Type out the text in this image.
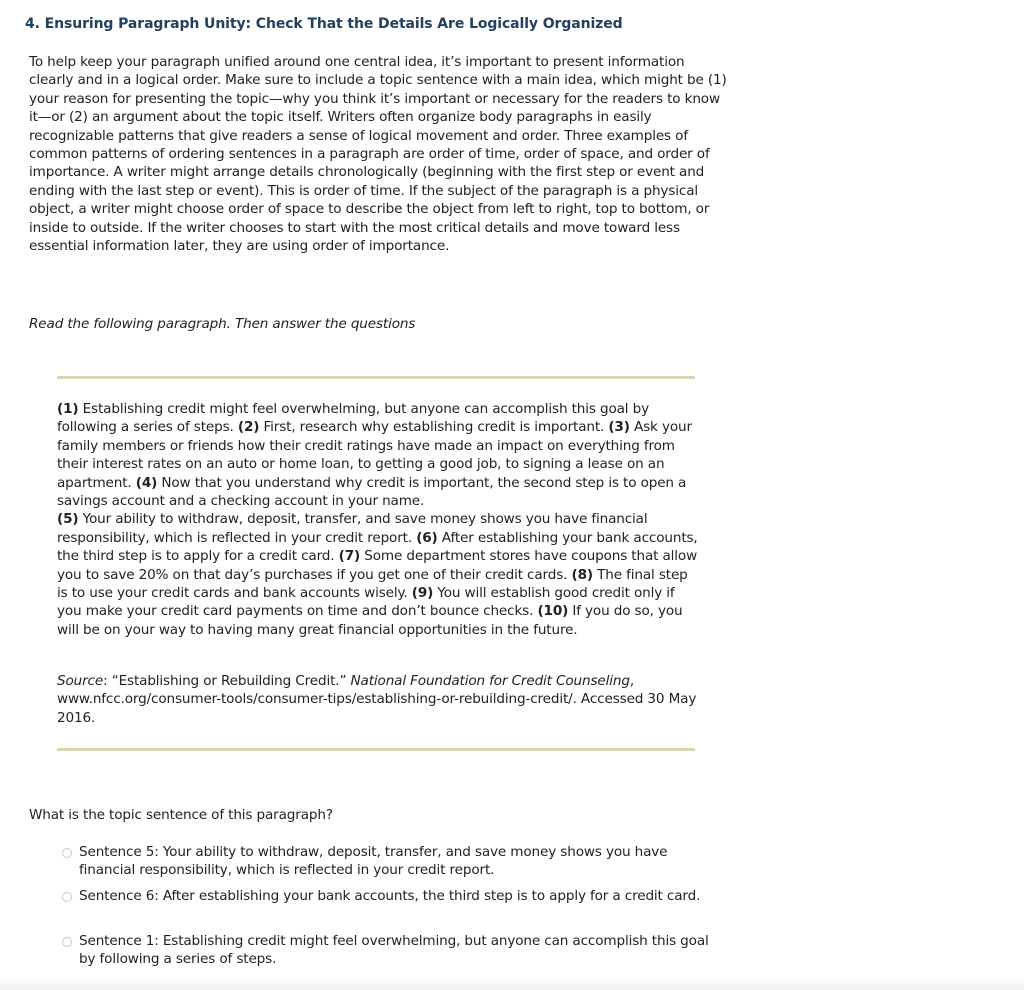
4. Ensuring Paragraph Unity: Check That the Details Are Logically Organized

To help keep your paragraph unified around one central idea, it’s important to present information clearly and in a logical order. Make sure to include a topic sentence with a main idea, which might be (1) your reason for presenting the topic—why you think it’s important or necessary for the readers to know it—or (2) an argument about the topic itself. Writers often organize body paragraphs in easily recognizable patterns that give readers a sense of logical movement and order. Three examples of common patterns of ordering sentences in a paragraph are order of time, order of space, and order of importance. A writer might arrange details chronologically (beginning with the first step or event and ending with the last step or event). This is order of time. If the subject of the paragraph is a physical object, a writer might choose order of space to describe the object from left to right, top to bottom, or inside to outside. If the writer chooses to start with the most critical details and move toward less essential information later, they are using order of importance.

Read the following paragraph. Then answer the questions

(1) Establishing credit might feel overwhelming, but anyone can accomplish this goal by following a series of steps. (2) First, research why establishing credit is important. (3) Ask your family members or friends how their credit ratings have made an impact on everything from their interest rates on an auto or home loan, to getting a good job, to signing a lease on an apartment. (4) Now that you understand why credit is important, the second step is to open a savings account and a checking account in your name.
(5) Your ability to withdraw, deposit, transfer, and save money shows you have financial responsibility, which is reflected in your credit report. (6) After establishing your bank accounts, the third step is to apply for a credit card. (7) Some department stores have coupons that allow you to save 20% on that day’s purchases if you get one of their credit cards. (8) The final step is to use your credit cards and bank accounts wisely. (9) You will establish good credit only if you make your credit card payments on time and don’t bounce checks. (10) If you do so, you will be on your way to having many great financial opportunities in the future.

Source: “Establishing or Rebuilding Credit.” National Foundation for Credit Counseling, www.nfcc.org/consumer-tools/consumer-tips/establishing-or-rebuilding-credit/. Accessed 30 May 2016.

What is the topic sentence of this paragraph?

Sentence 5: Your ability to withdraw, deposit, transfer, and save money shows you have financial responsibility, which is reflected in your credit report.
Sentence 6: After establishing your bank accounts, the third step is to apply for a credit card.
Sentence 1: Establishing credit might feel overwhelming, but anyone can accomplish this goal by following a series of steps.
